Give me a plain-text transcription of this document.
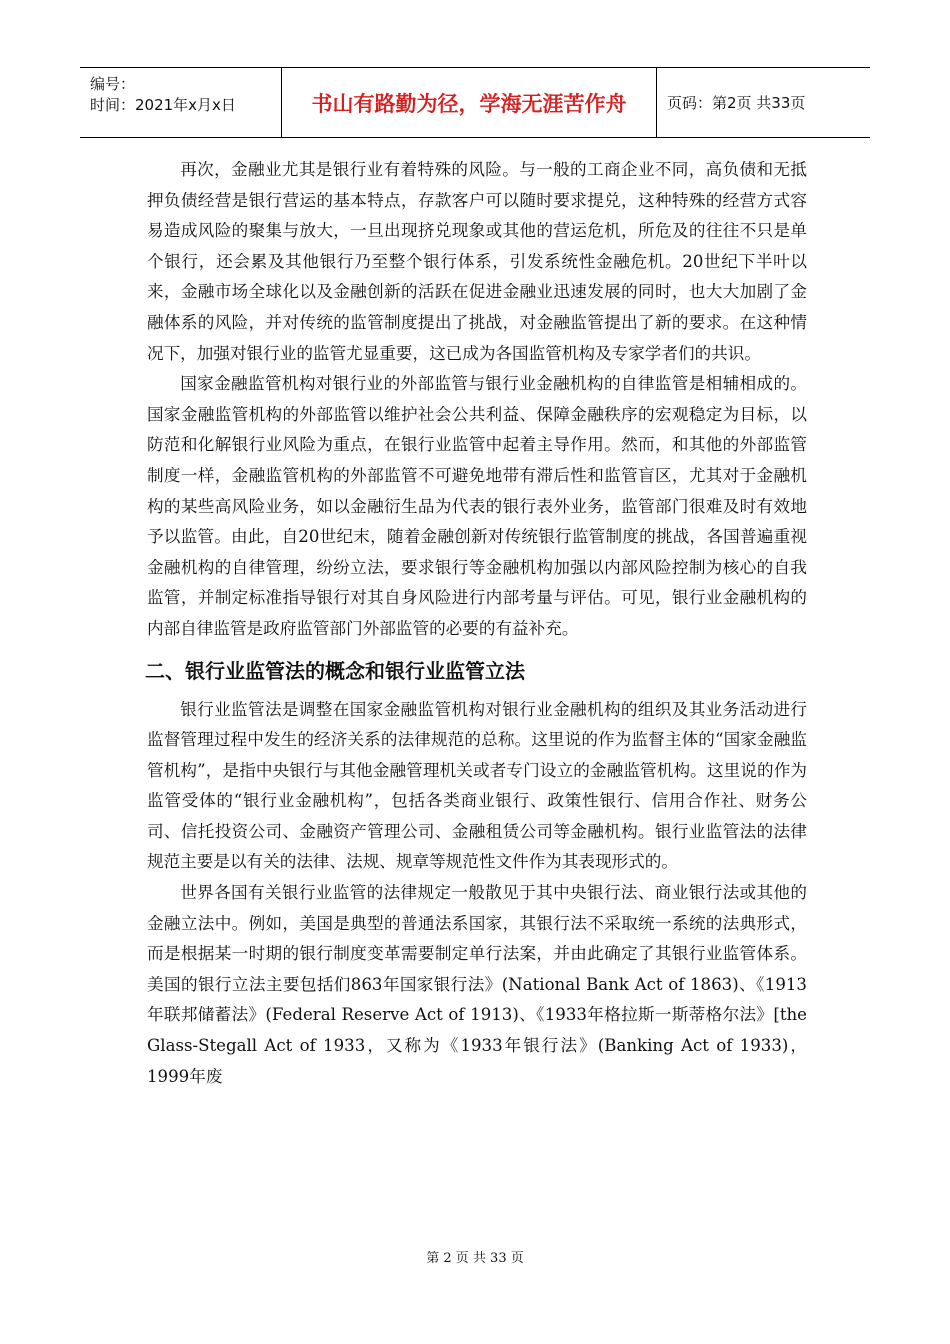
编号：
时间：2021年x月x日	书山有路勤为径，学海无涯苦作舟	页码：第2页 共33页

再次，金融业尤其是银行业有着特殊的风险。与一般的工商企业不同，高负债和无抵押负债经营是银行营运的基本特点，存款客户可以随时要求提兑，这种特殊的经营方式容易造成风险的聚集与放大，一旦出现挤兑现象或其他的营运危机，所危及的往往不只是单个银行，还会累及其他银行乃至整个银行体系，引发系统性金融危机。20世纪下半叶以来，金融市场全球化以及金融创新的活跃在促进金融业迅速发展的同时，也大大加剧了金融体系的风险，并对传统的监管制度提出了挑战，对金融监管提出了新的要求。在这种情况下，加强对银行业的监管尤显重要，这已成为各国监管机构及专家学者们的共识。

国家金融监管机构对银行业的外部监管与银行业金融机构的自律监管是相辅相成的。国家金融监管机构的外部监管以维护社会公共利益、保障金融秩序的宏观稳定为目标，以防范和化解银行业风险为重点，在银行业监管中起着主导作用。然而，和其他的外部监管制度一样，金融监管机构的外部监管不可避免地带有滞后性和监管盲区，尤其对于金融机构的某些高风险业务，如以金融衍生品为代表的银行表外业务，监管部门很难及时有效地予以监管。由此，自20世纪末，随着金融创新对传统银行监管制度的挑战，各国普遍重视金融机构的自律管理，纷纷立法，要求银行等金融机构加强以内部风险控制为核心的自我监管，并制定标准指导银行对其自身风险进行内部考量与评估。可见，银行业金融机构的内部自律监管是政府监管部门外部监管的必要的有益补充。

二、银行业监管法的概念和银行业监管立法

银行业监管法是调整在国家金融监管机构对银行业金融机构的组织及其业务活动进行监督管理过程中发生的经济关系的法律规范的总称。这里说的作为监督主体的“国家金融监管机构”，是指中央银行与其他金融管理机关或者专门设立的金融监管机构。这里说的作为监管受体的“银行业金融机构”，包括各类商业银行、政策性银行、信用合作社、财务公司、信托投资公司、金融资产管理公司、金融租赁公司等金融机构。银行业监管法的法律规范主要是以有关的法律、法规、规章等规范性文件作为其表现形式的。

世界各国有关银行业监管的法律规定一般散见于其中央银行法、商业银行法或其他的金融立法中。例如，美国是典型的普通法系国家，其银行法不采取统一系统的法典形式，而是根据某一时期的银行制度变革需要制定单行法案，并由此确定了其银行业监管体系。美国的银行立法主要包括们863年国家银行法》(National Bank Act of 1863)、《1913年联邦储蓄法》(Federal Reserve Act of 1913)、《1933年格拉斯一斯蒂格尔法》[the Glass-Stegall Act of 1933，又称为《1933年银行法》(Banking Act of 1933)，1999年废

第 2 页 共 33 页
